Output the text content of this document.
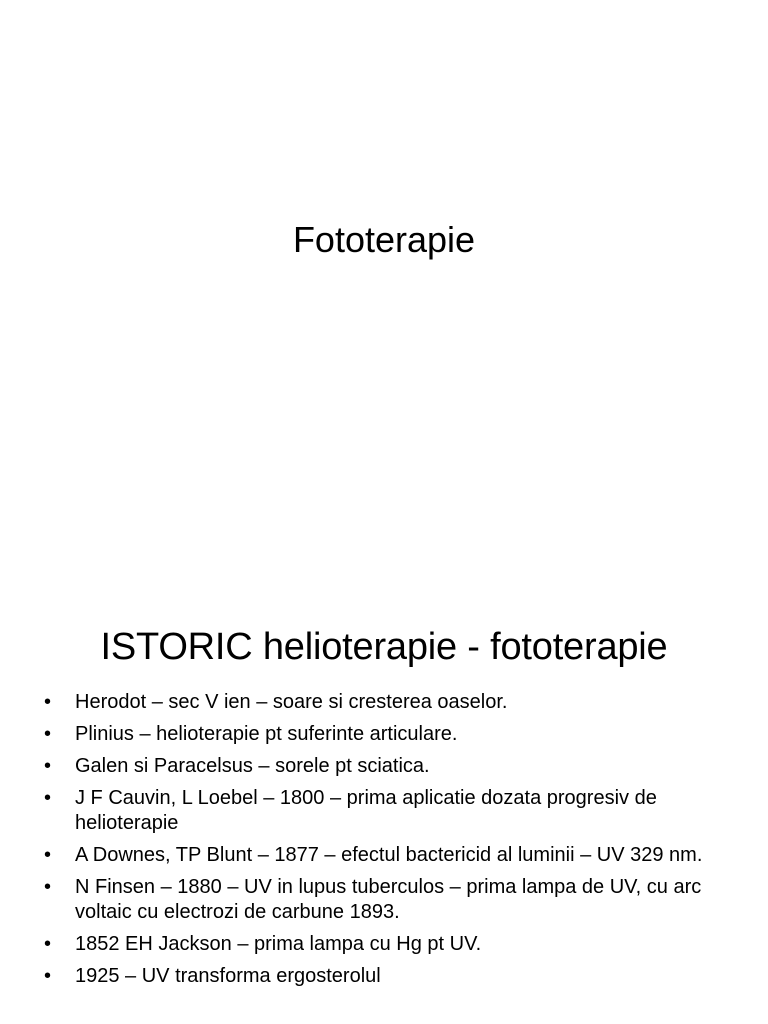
Fototerapie
ISTORIC helioterapie - fototerapie
• Herodot – sec V ien – soare si cresterea oaselor.
• Plinius – helioterapie pt suferinte articulare.
• Galen si Paracelsus – sorele pt sciatica.
• J F Cauvin, L Loebel – 1800 – prima aplicatie dozata progresiv de helioterapie
• A Downes, TP Blunt – 1877 – efectul bactericid al luminii – UV 329 nm.
• N Finsen – 1880 – UV in lupus tuberculos – prima lampa de UV, cu arc voltaic cu electrozi de carbune 1893.
• 1852 EH Jackson – prima lampa cu Hg pt UV.
• 1925 – UV transforma ergosterolul
